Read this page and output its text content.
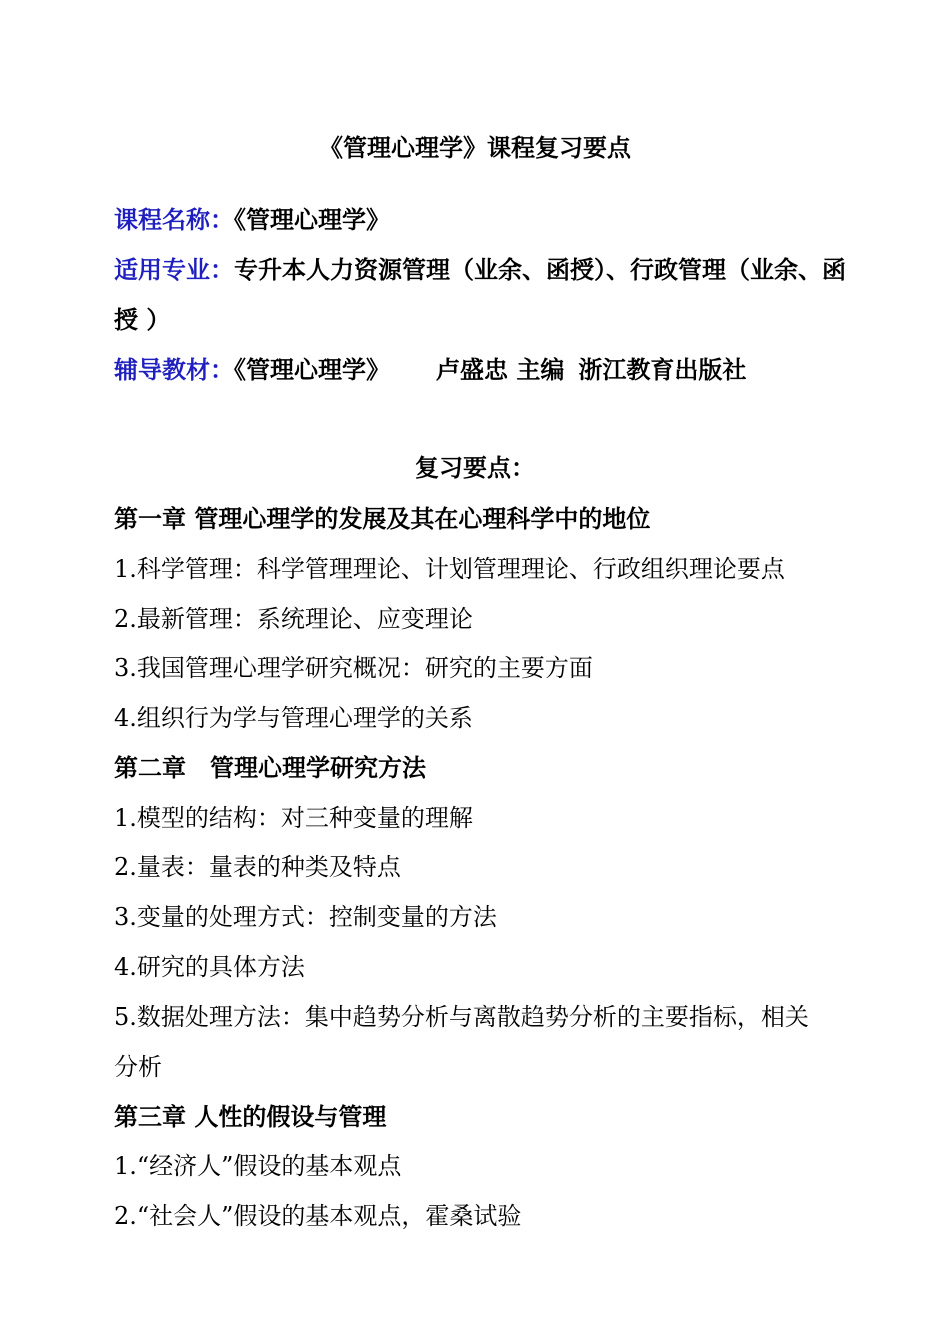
《管理心理学》课程复习要点
课程名称：《管理心理学》
适用专业：专升本人力资源管理（业余、函授）、行政管理（业余、函
授 ）
辅导教材：《管理心理学》 卢盛忠 主编 浙江教育出版社
复习要点：
第一章 管理心理学的发展及其在心理科学中的地位
1.科学管理：科学管理理论、计划管理理论、行政组织理论要点
2.最新管理：系统理论、应变理论
3.我国管理心理学研究概况：研究的主要方面
4.组织行为学与管理心理学的关系
第二章　管理心理学研究方法
1.模型的结构：对三种变量的理解
2.量表：量表的种类及特点
3.变量的处理方式：控制变量的方法
4.研究的具体方法
5.数据处理方法：集中趋势分析与离散趋势分析的主要指标，相关
分析
第三章 人性的假设与管理
1.“经济人”假设的基本观点
2.“社会人”假设的基本观点，霍桑试验
